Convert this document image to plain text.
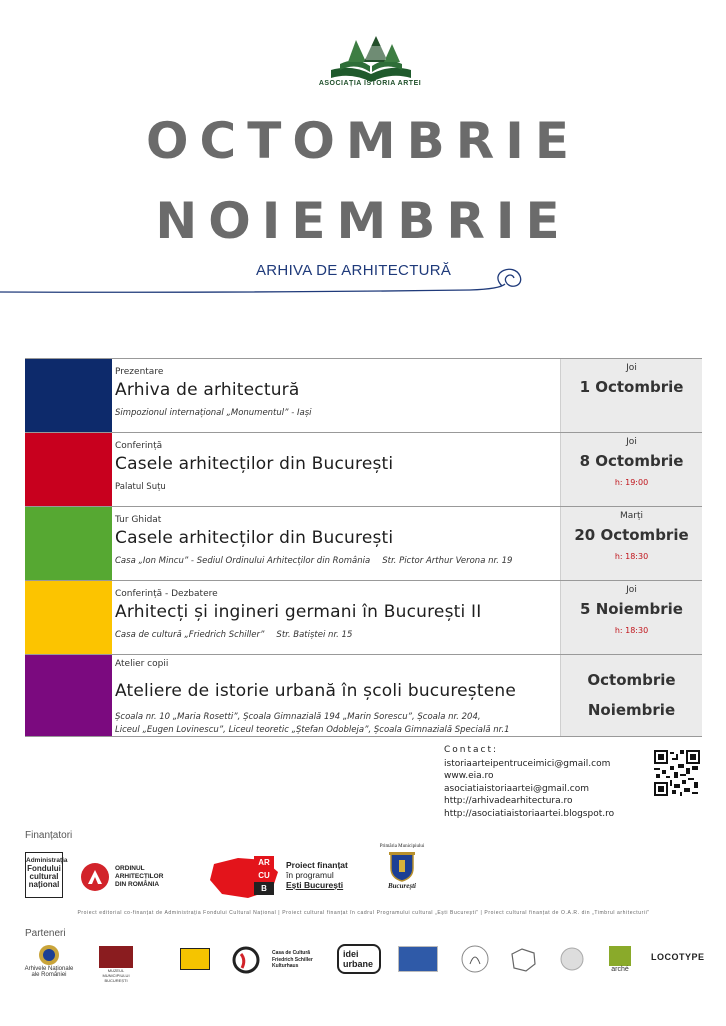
ASOCIAȚIA ISTORIA ARTEI
OCTOMBRIE
NOIEMBRIE
ARHIVA DE ARHITECTURĂ
Prezentare
Arhiva de arhitectură
Simpozionul internațional „Monumentul” - Iași
Joi
1 Octombrie
Conferință
Casele arhitecților din București
Palatul Suțu
Joi
8 Octombrie
h: 19:00
Tur Ghidat
Casele arhitecților din București
Casa „Ion Mincu” - Sediul Ordinului Arhitecților din România Str. Pictor Arthur Verona nr. 19
Marți
20 Octombrie
h: 18:30
Conferință - Dezbatere
Arhitecți și ingineri germani în București II
Casa de cultură „Friedrich Schiller” Str. Batiștei nr. 15
Joi
5 Noiembrie
h: 18:30
Atelier copii
Ateliere de istorie urbană în școli bucureștene
Școala nr. 10 „Maria Rosetti”, Școala Gimnazială 194 „Marin Sorescu”, Școala nr. 204,
Liceul „Eugen Lovinescu”, Liceul teoretic „Ștefan Odobleja”, Școala Gimnazială Specială nr.1
Octombrie
Noiembrie
Contact:
istoriaarteipentruceimici@gmail.com
www.eia.ro
asociatiaistoriaartei@gmail.com
http://arhivadearhitectura.ro
http://asociatiaistoriaartei.blogspot.ro
Finanțatori
Administrația
Fondului
cultural
național
ORDINUL
ARHITECȚILOR
DIN ROMÂNIA
AR
CU
B
Proiect finanțat
în programul
Ești București
Primăria Municipiului
București
Proiect editorial co-finanțat de Administrația Fondului Cultural Național | Proiect cultural finanțat în cadrul Programului cultural „Ești București” | Proiect cultural finanțat de O.A.R. din „Timbrul arhitecturii”
Parteneri
Arhivele Naționale
ale României
MUZEUL
MUNICIPIULUI
BUCUREȘTI
Casa de Cultură
Friedrich Schiller
Kulturhaus
idei
urbane
arché
LOCOTYPE
